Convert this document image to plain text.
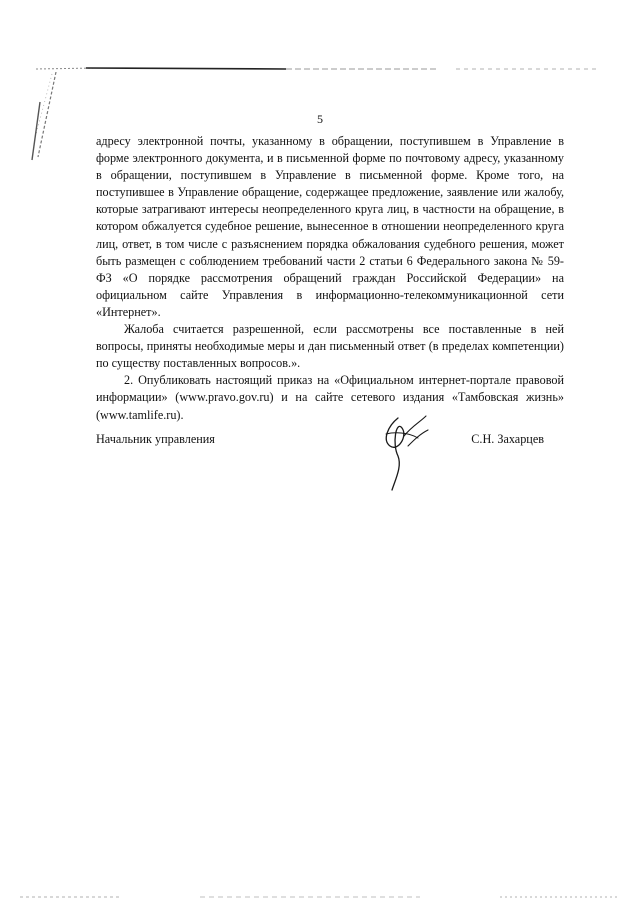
5

адресу электронной почты, указанному в обращении, поступившем в Управление в форме электронного документа, и в письменной форме по почтовому адресу, указанному в обращении, поступившем в Управление в письменной форме. Кроме того, на поступившее в Управление обращение, содержащее предложение, заявление или жалобу, которые затрагивают интересы неопределенного круга лиц, в частности на обращение, в котором обжалуется судебное решение, вынесенное в отношении неопределенного круга лиц, ответ, в том числе с разъяснением порядка обжалования судебного решения, может быть размещен с соблюдением требований части 2 статьи 6 Федерального закона № 59-ФЗ «О порядке рассмотрения обращений граждан Российской Федерации» на официальном сайте Управления в информационно-телекоммуникационной сети «Интернет».

Жалоба считается разрешенной, если рассмотрены все поставленные в ней вопросы, приняты необходимые меры и дан письменный ответ (в пределах компетенции) по существу поставленных вопросов.».

2. Опубликовать настоящий приказ на «Официальном интернет-портале правовой информации» (www.pravo.gov.ru) и на сайте сетевого издания «Тамбовская жизнь» (www.tamlife.ru).

Начальник управления	С.Н. Захарцев
